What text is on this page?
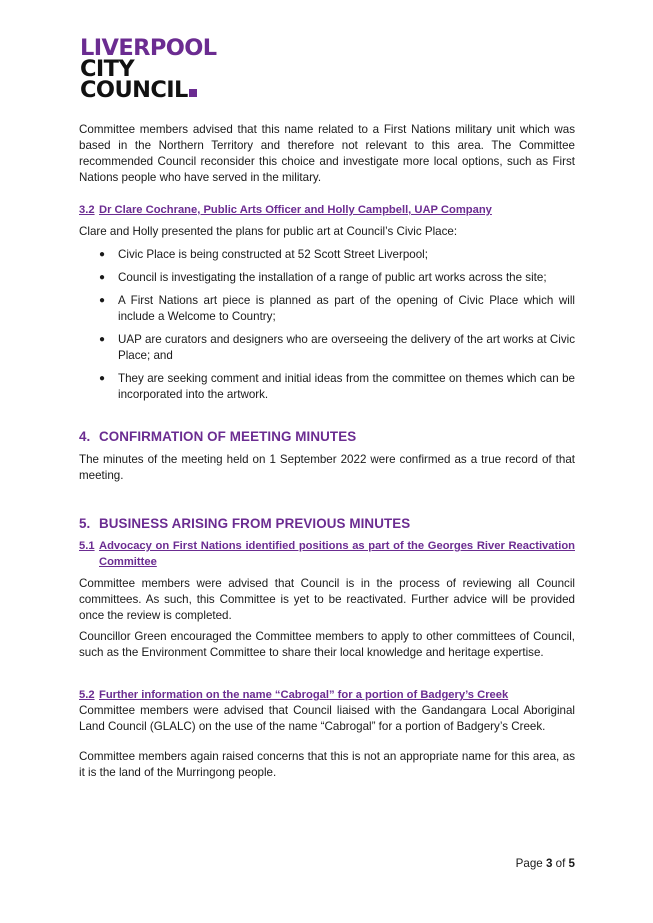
LIVERPOOL
CITY
COUNCIL

Committee members advised that this name related to a First Nations military unit which was based in the Northern Territory and therefore not relevant to this area. The Committee recommended Council reconsider this choice and investigate more local options, such as First Nations people who have served in the military.

3.2 Dr Clare Cochrane, Public Arts Officer and Holly Campbell, UAP Company

Clare and Holly presented the plans for public art at Council’s Civic Place:

●	Civic Place is being constructed at 52 Scott Street Liverpool;
●	Council is investigating the installation of a range of public art works across the site;
●	A First Nations art piece is planned as part of the opening of Civic Place which will include a Welcome to Country;
●	UAP are curators and designers who are overseeing the delivery of the art works at Civic Place; and
●	They are seeking comment and initial ideas from the committee on themes which can be incorporated into the artwork.
4. CONFIRMATION OF MEETING MINUTES

The minutes of the meeting held on 1 September 2022 were confirmed as a true record of that meeting.

5. BUSINESS ARISING FROM PREVIOUS MINUTES
5.1 Advocacy on First Nations identified positions as part of the Georges River Reactivation Committee

Committee members were advised that Council is in the process of reviewing all Council committees. As such, this Committee is yet to be reactivated. Further advice will be provided once the review is completed.

Councillor Green encouraged the Committee members to apply to other committees of Council, such as the Environment Committee to share their local knowledge and heritage expertise.

5.2 Further information on the name “Cabrogal” for a portion of Badgery’s Creek

Committee members were advised that Council liaised with the Gandangara Local Aboriginal Land Council (GLALC) on the use of the name “Cabrogal” for a portion of Badgery’s Creek.

Committee members again raised concerns that this is not an appropriate name for this area, as it is the land of the Murringong people.

Page 3 of 5
